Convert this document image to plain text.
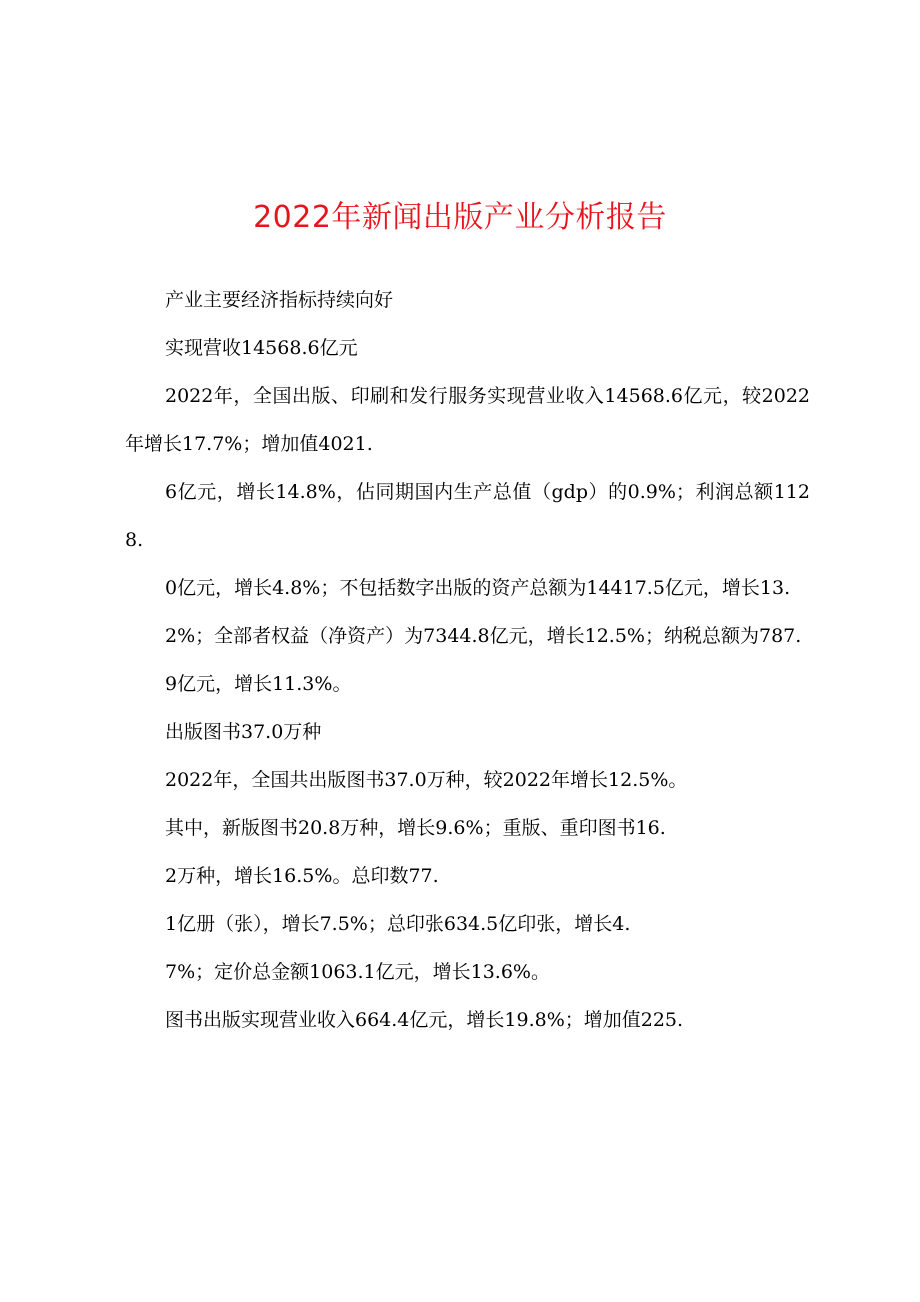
2022年新闻出版产业分析报告

产业主要经济指标持续向好

实现营收14568.6亿元

2022年，全国出版、印刷和发行服务实现营业收入14568.6亿元，较2022年增长17.7%；增加值4021.

6亿元，增长14.8%，佔同期国内生产总值（gdp）的0.9%；利润总额1128.

0亿元，增长4.8%；不包括数字出版的资产总额为14417.5亿元，增长13.

2%；全部者权益（净资产）为7344.8亿元，增长12.5%；纳税总额为787.

9亿元，增长11.3%。

出版图书37.0万种

2022年，全国共出版图书37.0万种，较2022年增长12.5%。

其中，新版图书20.8万种，增长9.6%；重版、重印图书16.

2万种，增长16.5%。总印数77.

1亿册（张），增长7.5%；总印张634.5亿印张，增长4.

7%；定价总金额1063.1亿元，增长13.6%。

图书出版实现营业收入664.4亿元，增长19.8%；增加值225.
